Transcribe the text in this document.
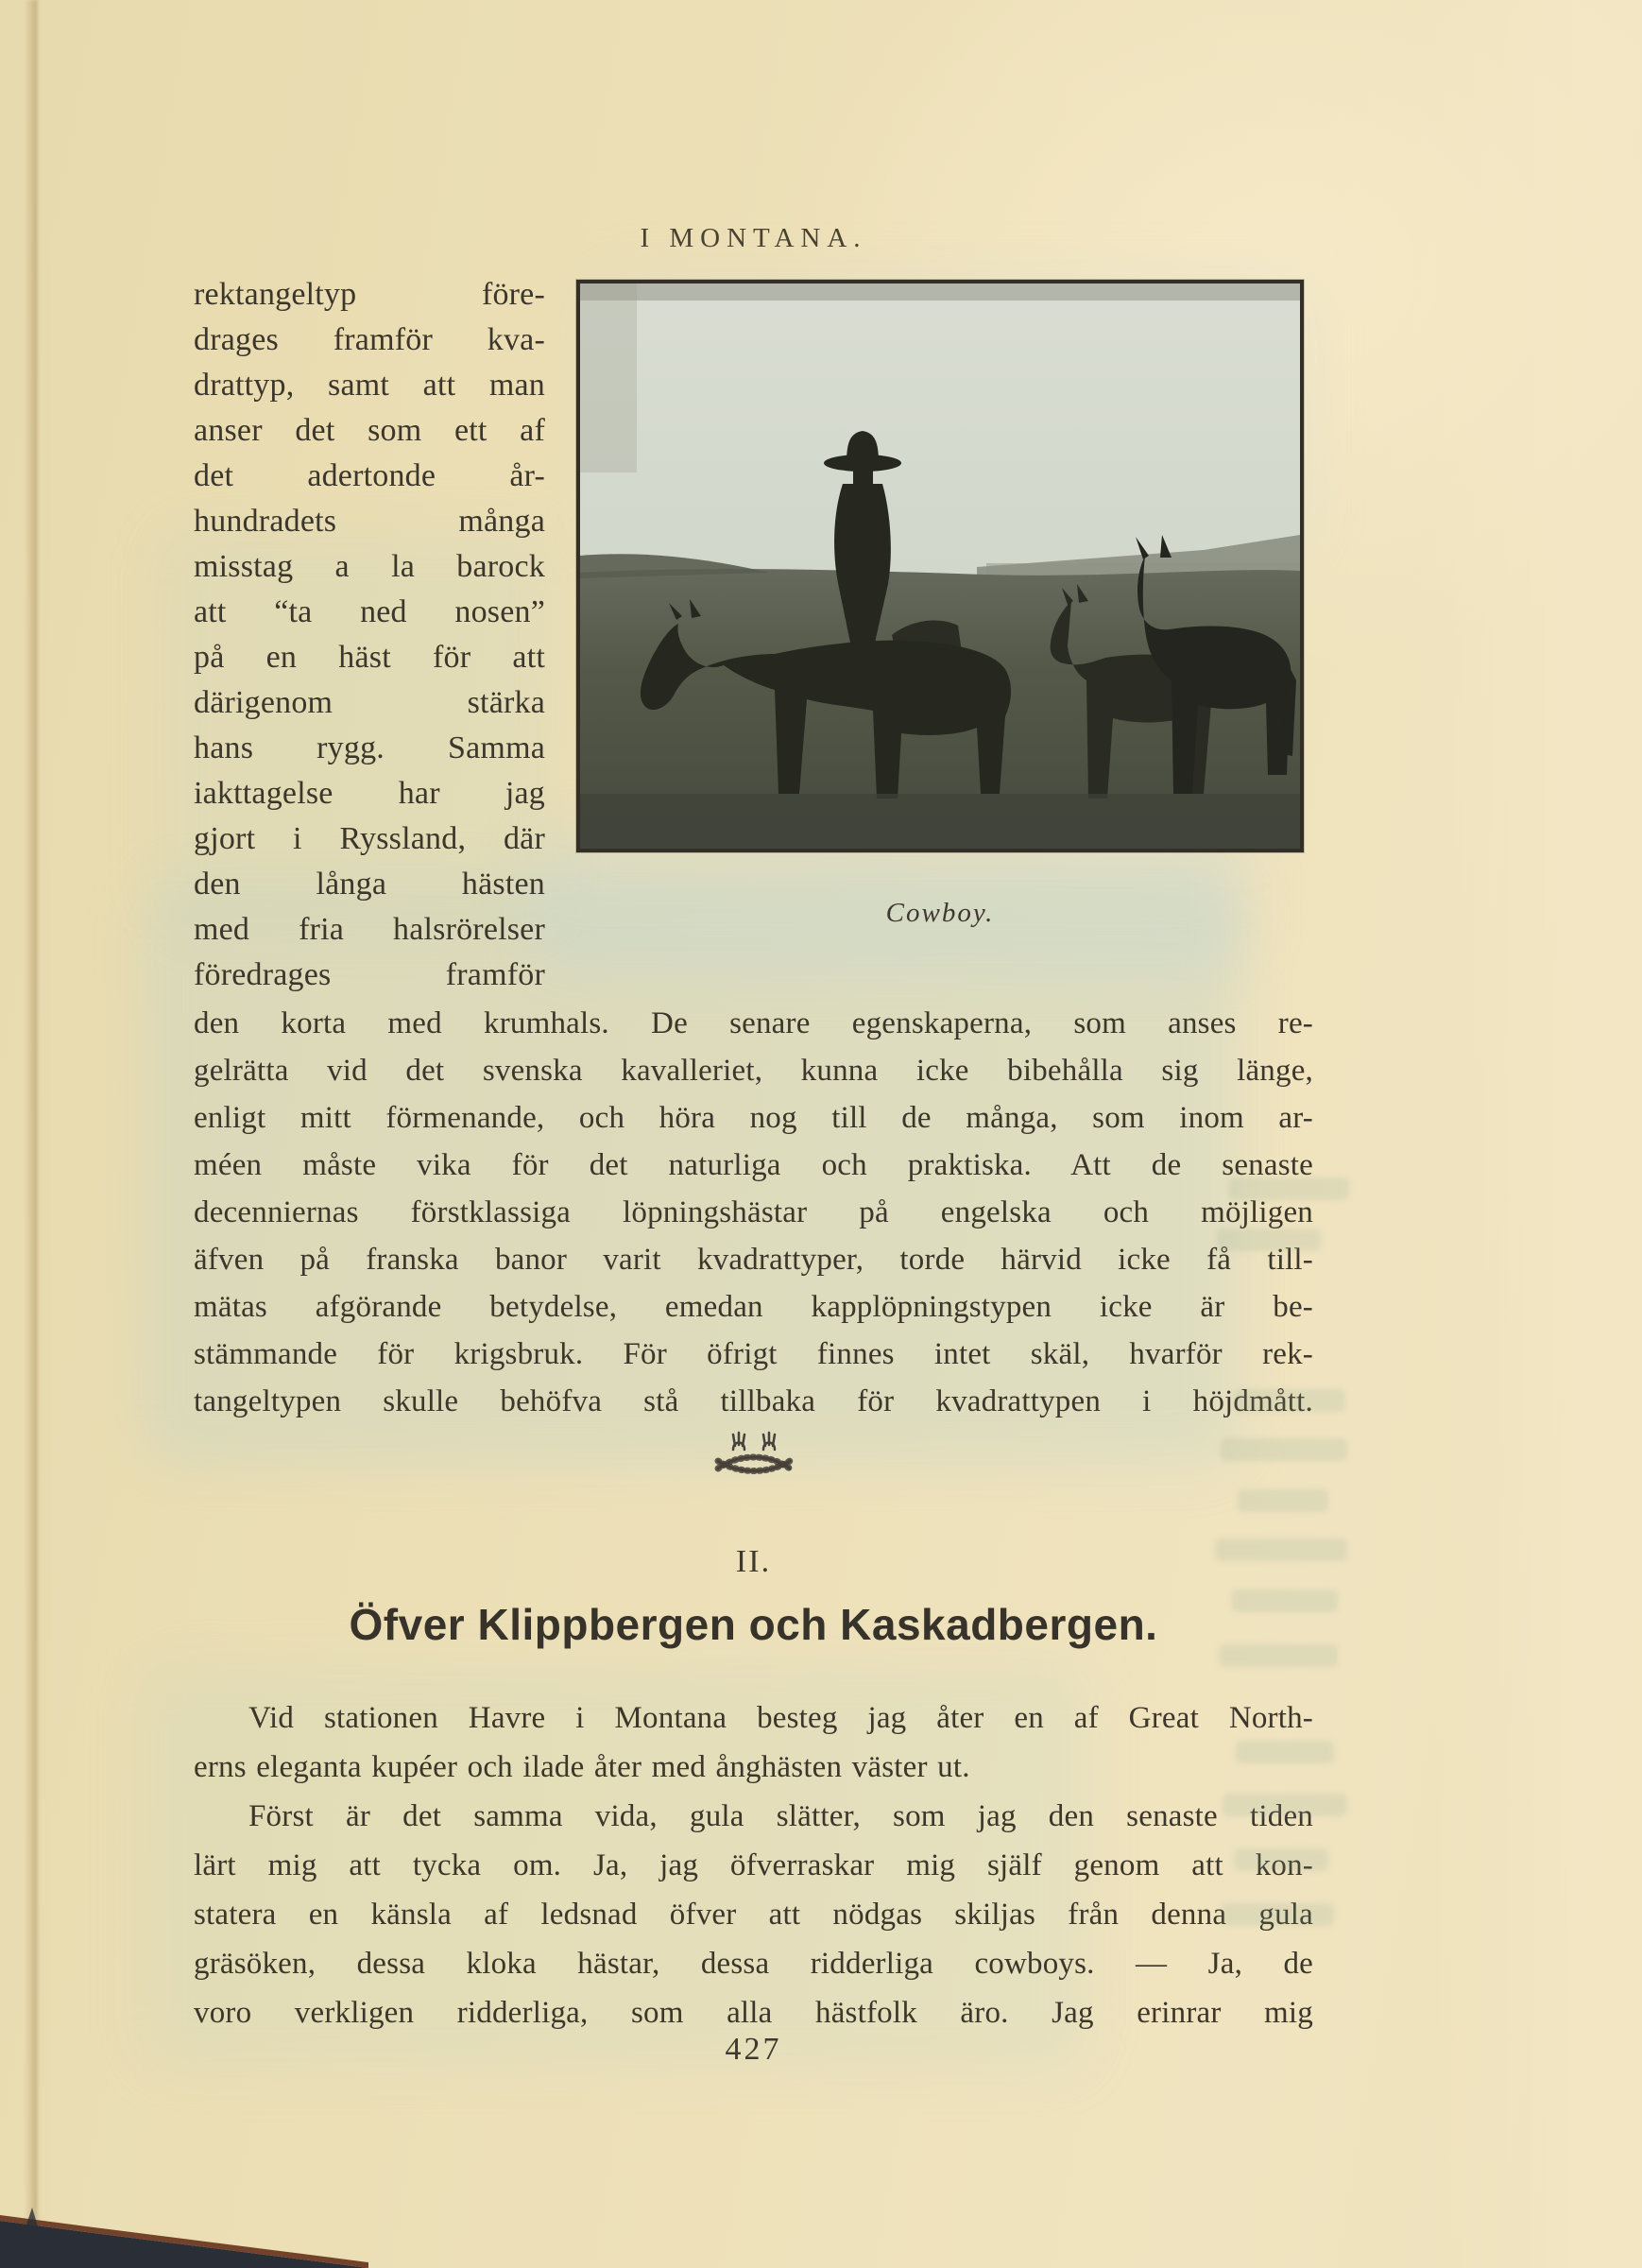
I MONTANA.
Cowboy.
rektangeltyp före-
drages framför kva-
drattyp, samt att man
anser det som ett af
det adertonde år-
hundradets många
misstag a la barock
att “ta ned nosen”
på en häst för att
därigenom stärka
hans rygg. Samma
iakttagelse har jag
gjort i Ryssland, där
den långa hästen
med fria halsrörelser
föredrages framför
den korta med krumhals. De senare egenskaperna, som anses re-
gelrätta vid det svenska kavalleriet, kunna icke bibehålla sig länge,
enligt mitt förmenande, och höra nog till de många, som inom ar-
méen måste vika för det naturliga och praktiska. Att de senaste
decenniernas förstklassiga löpningshästar på engelska och möjligen
äfven på franska banor varit kvadrattyper, torde härvid icke få till-
mätas afgörande betydelse, emedan kapplöpningstypen icke är be-
stämmande för krigsbruk. För öfrigt finnes intet skäl, hvarför rek-
tangeltypen skulle behöfva stå tillbaka för kvadrattypen i höjdmått.
II.
Öfver Klippbergen och Kaskadbergen.
Vid stationen Havre i Montana besteg jag åter en af Great North-
erns eleganta kupéer och ilade åter med ånghästen väster ut.
Först är det samma vida, gula slätter, som jag den senaste tiden
lärt mig att tycka om. Ja, jag öfverraskar mig själf genom att kon-
statera en känsla af ledsnad öfver att nödgas skiljas från denna gula
gräsöken, dessa kloka hästar, dessa ridderliga cowboys. — Ja, de
voro verkligen ridderliga, som alla hästfolk äro. Jag erinrar mig
427
